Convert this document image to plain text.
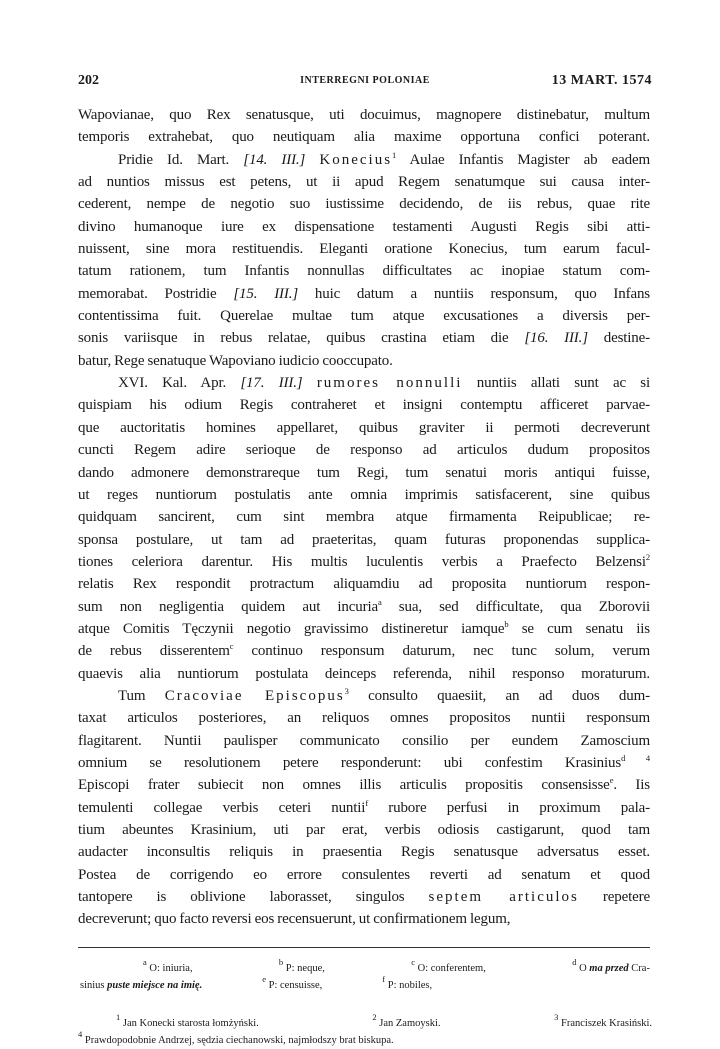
202	INTERREGNI POLONIAE	13 MART. 1574
Wapovianae, quo Rex senatusque, uti docuimus, magnopere distinebatur, multum
temporis extrahebat, quo neutiquam alia maxime opportuna confici poterant.
Pridie Id. Mart. [14. III.] Konecius$^1$ Aulae Infantis Magister ab eadem
ad nuntios missus est petens, ut ii apud Regem senatumque sui causa inter-
cederent, nempe de negotio suo iustissime decidendo, de iis rebus, quae rite
divino humanoque iure ex dispensatione testamenti Augusti Regis sibi atti-
nuissent, sine mora restituendis. Eleganti oratione Konecius, tum earum facul-
tatum rationem, tum Infantis nonnullas difficultates ac inopiae statum com-
memorabat. Postridie [15. III.] huic datum a nuntiis responsum, quo Infans
contentissima fuit. Querelae multae tum atque excusationes a diversis per-
sonis variisque in rebus relatae, quibus crastina etiam die [16. III.] destine-
batur, Rege senatuque Wapoviano iudicio cooccupato.
XVI. Kal. Apr. [17. III.] rumores nonnulli nuntiis allati sunt ac si
quispiam his odium Regis contraheret et insigni contemptu afficeret parvae-
que auctoritatis homines appellaret, quibus graviter ii permoti decreverunt
cuncti Regem adire serioque de responso ad articulos dudum propositos
dando admonere demonstrareque tum Regi, tum senatui moris antiqui fuisse,
ut reges nuntiorum postulatis ante omnia imprimis satisfacerent, sine quibus
quidquam sancirent, cum sint membra atque firmamenta Reipublicae; re-
sponsa postulare, ut tam ad praeteritas, quam futuras proponendas supplica-
tiones celeriora darentur. His multis luculentis verbis a Praefecto Belzensi$^2$
relatis Rex respondit protractum aliquamdiu ad proposita nuntiorum respon-
sum non negligentia quidem aut incuria$^a$ sua, sed difficultate, qua Zborovii
atque Comitis Tęczynii negotio gravissimo distineretur iamque$^b$ se cum senatu iis
de rebus disserentem$^c$ continuo responsum daturum, nec tunc solum, verum
quaevis alia nuntiorum postulata deinceps referenda, nihil responso moraturum.
Tum Cracoviae Episcopus$^3$ consulto quaesiit, an ad duos dum-
taxat articulos posteriores, an reliquos omnes propositos nuntii responsum
flagitarent. Nuntii paulisper communicato consilio per eundem Zamoscium
omnium se resolutionem petere responderunt: ubi confestim Krasinius$^{d 4}$
Episcopi frater subiecit non omnes illis articulis propositis consensisse$^e$. Iis
temulenti collegae verbis ceteri nuntii$^f$ rubore perfusi in proximum pala-
tium abeuntes Krasinium, uti par erat, verbis odiosis castigarunt, quod tam
audacter inconsultis reliquis in praesentia Regis senatusque adversatus esset.
Postea de corrigendo eo errore consulentes reverti ad senatum et quod
tantopere is oblivione laborasset, singulos septem articulos repetere
decreverunt; quo facto reversi eos recensuerunt, ut confirmationem legum,
$^a$ O: iniuria,
$^b$ P: neque,
$^c$ O: conferentem,
$^d$ O ma przed Cra-
sinius puste miejsce na imię.
$^e$ P: censuisse,
$^f$ P: nobiles,
$^1$ Jan Konecki starosta łomżyński.
$^2$ Jan Zamoyski.
$^3$ Franciszek Krasiński.
$^4$ Prawdopodobnie Andrzej, sędzia ciechanowski, najmłodszy brat biskupa.
